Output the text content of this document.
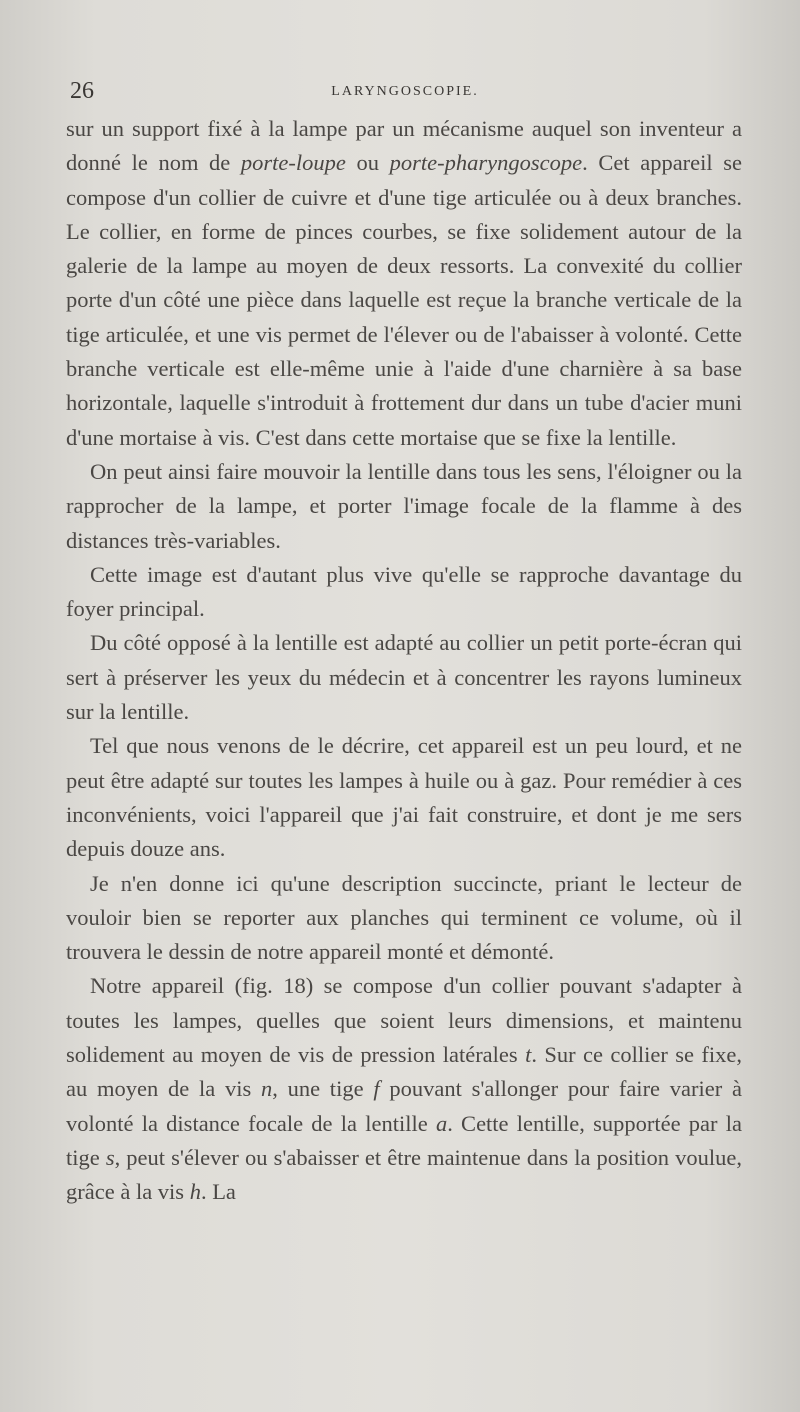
26	LARYNGOSCOPIE.

sur un support fixé à la lampe par un mécanisme auquel son inventeur a donné le nom de porte-loupe ou porte-pharyngoscope. Cet appareil se compose d'un collier de cuivre et d'une tige articulée ou à deux branches. Le collier, en forme de pinces courbes, se fixe solidement autour de la galerie de la lampe au moyen de deux ressorts. La convexité du collier porte d'un côté une pièce dans laquelle est reçue la branche verticale de la tige articulée, et une vis permet de l'élever ou de l'abaisser à volonté. Cette branche verticale est elle-même unie à l'aide d'une charnière à sa base horizontale, laquelle s'introduit à frottement dur dans un tube d'acier muni d'une mortaise à vis. C'est dans cette mortaise que se fixe la lentille.

On peut ainsi faire mouvoir la lentille dans tous les sens, l'éloigner ou la rapprocher de la lampe, et porter l'image focale de la flamme à des distances très-variables.

Cette image est d'autant plus vive qu'elle se rapproche davantage du foyer principal.

Du côté opposé à la lentille est adapté au collier un petit porte-écran qui sert à préserver les yeux du médecin et à concentrer les rayons lumineux sur la lentille.

Tel que nous venons de le décrire, cet appareil est un peu lourd, et ne peut être adapté sur toutes les lampes à huile ou à gaz. Pour remédier à ces inconvénients, voici l'appareil que j'ai fait construire, et dont je me sers depuis douze ans.

Je n'en donne ici qu'une description succincte, priant le lecteur de vouloir bien se reporter aux planches qui terminent ce volume, où il trouvera le dessin de notre appareil monté et démonté.

Notre appareil (fig. 18) se compose d'un collier pouvant s'adapter à toutes les lampes, quelles que soient leurs dimensions, et maintenu solidement au moyen de vis de pression latérales t. Sur ce collier se fixe, au moyen de la vis n, une tige f pouvant s'allonger pour faire varier à volonté la distance focale de la lentille a. Cette lentille, supportée par la tige s, peut s'élever ou s'abaisser et être maintenue dans la position voulue, grâce à la vis h. La
